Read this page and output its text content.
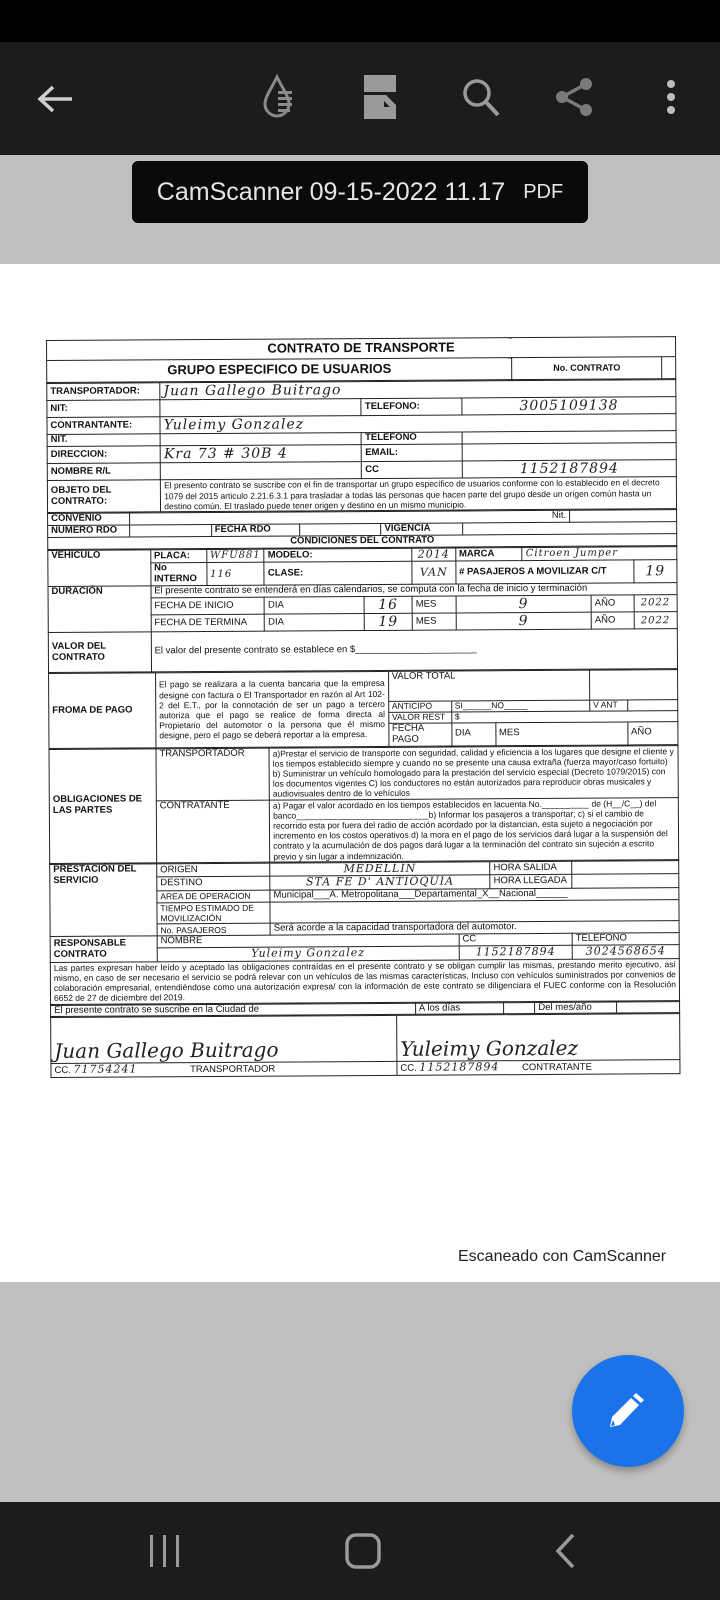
CamScanner 09-15-2022 11.17 PDF
CONTRATO DE TRANSPORTE
GRUPO ESPECIFICO DE USUARIOS	No. CONTRATO	
TRANSPORTADOR:	Juan Gallego Buitrago		
NIT:		TELEFONO:	3005109138
CONTRANTANTE:	Yuleimy Gonzalez		
NIT.		TELEFONO	
DIRECCION:	Kra 73 # 30B 4	EMAIL:	
NOMBRE R/L		CC	1152187894
OBJETO DEL CONTRATO:	El presento contrato se suscribe con el fin de transportar un grupo específico de usuarios conforme con lo establecido en el decreto 1079 del 2015 articulo 2.21.6.3.1 para trasladar a todas las personas que hacen parte del grupo desde un origen común hasta un destino común. El traslado puede tener origen y destino en un mismo municipio.		
CONVENIO	Nit.					
NUMERO RDO		FECHA RDO		VIGENCIA		
CONDICIONES DEL CONTRATO						
VEHICULO	PLACA:	WFU881	MODELO:		2014	MARCA	Citroen Jumper		
	No INTERNO	116	CLASE:		VAN	# PASAJEROS A MOVILIZAR C/T			19
DURACIÓN	El presente contrato se entenderá en días calendarios, se computa con la fecha de inicio y terminación								
	FECHA DE INICIO		DIA	16	MES	9		AÑO	2022
	FECHA DE TERMINA		DIA	19	MES	9		AÑO	2022
VALOR DEL CONTRATO	El valor del presente contrato se establece en $_______________________								
FROMA DE PAGO	El pago se realizara a la cuenta bancaria que la empresa designe con factura o El Transportador en razón al Art 102-2 del E.T., por la connotación de ser un pago a tercero autoriza que el pago se realice de forma directa al Propietario del automotor o la persona que él mismo designe, pero el pago se deberá reportar a la empresa.	VALOR TOTAL				
		ANTICIPO	SI______NO_____		V ANT	
		VALOR REST	$			
		FECHA PAGO	DIA	MES		AÑO
OBLIGACIONES DE LAS PARTES	TRANSPORTADOR	a)Prestar el servicio de transporte con seguridad, calidad y eficiencia a los lugares que designe el cliente y los tiempos establecido siempre y cuando no se presente una causa extraña (fuerza mayor/caso fortuito) b) Suministrar un vehículo homologado para la prestación del servicio especial (Decreto 1079/2015) con los documentos vigentes C) los conductores no están autorizados para reproducir obras musicales y audiovisuales dentro de lo vehículos
	CONTRATANTE	a) Pagar el valor acordado en los tiempos establecidos en lacuenta No.__________ de (H__/C__) del banco____________________________b) Informar los pasajeros a transportar; c) si el cambio de recorrido esta por fuera del radio de acción acordado por la distancian, esta sujeto a negociación por incremento en los costos operativos d) la mora en el pago de los servicios dará lugar a la suspensión del contrato y la acumulación de dos pagos dará lugar a la terminación del contrato sin sujeción a escrito previo y sin lugar a indemnización.
PRESTACIÓN DEL SERVICIO	ORIGEN	MEDELLIN		HORA SALIDA	
	DESTINO	STA FE D' ANTIOQUIA		HORA LLEGADA	
	AREA DE OPERACION	Municipal___A. Metropolitana___Departamental_X__Nacional______			
	TIEMPO ESTIMADO DE MOVILIZACIÓN				
	No. PASAJEROS	Será acorde a la capacidad transportadora del automotor.			
RESPONSABLE CONTRATO	NOMBRE		CC		TELEFONO
	Yuleimy Gonzalez		1152187894		3024568654
Las partes expresan haber leído y aceptado las obligaciones contraídas en el presente contrato y se obligan cumplir las mismas, prestando merito ejecutivo, así mismo, en caso de ser necesario el servicio se podrá relevar con un vehículos de las mismas características, Incluso con vehículos suministrados por convenios de colaboración empresarial, entendiéndose como una autorización expresa/ con la información de este contrato se diligenciara el FUEC conforme con la Resolución 6652 de 27 de diciembre del 2019.					
El presente contrato se suscribe en la Ciudad de	A los días		Del mes/año	
Juan Gallego Buitrago	Yuleimy Gonzalez
CC. 71754241 TRANSPORTADOR	CC. 1152187894 CONTRATANTE
Escaneado con CamScanner
